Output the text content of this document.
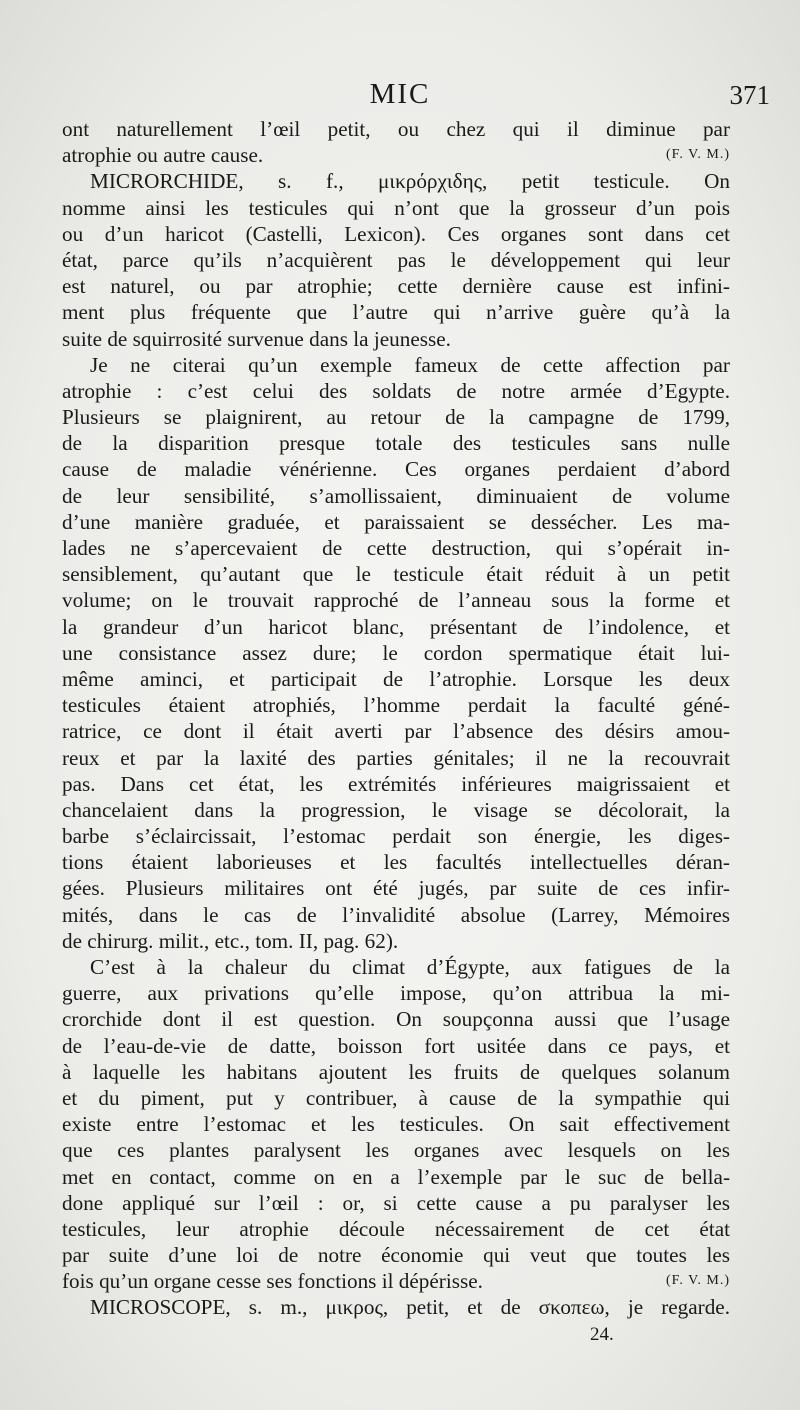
MIC	371
ont naturellement l’œil petit, ou chez qui il diminue par
atrophie ou autre cause.	(F. V. M.)
MICRORCHIDE, s. f., μικρόρχιδης, petit testicule. On
nomme ainsi les testicules qui n’ont que la grosseur d’un pois
ou d’un haricot (Castelli, Lexicon). Ces organes sont dans cet
état, parce qu’ils n’acquièrent pas le développement qui leur
est naturel, ou par atrophie; cette dernière cause est infini-
ment plus fréquente que l’autre qui n’arrive guère qu’à la
suite de squirrosité survenue dans la jeunesse.
Je ne citerai qu’un exemple fameux de cette affection par
atrophie : c’est celui des soldats de notre armée d’Egypte.
Plusieurs se plaignirent, au retour de la campagne de 1799,
de la disparition presque totale des testicules sans nulle
cause de maladie vénérienne. Ces organes perdaient d’abord
de leur sensibilité, s’amollissaient, diminuaient de volume
d’une manière graduée, et paraissaient se dessécher. Les ma-
lades ne s’apercevaient de cette destruction, qui s’opérait in-
sensiblement, qu’autant que le testicule était réduit à un petit
volume; on le trouvait rapproché de l’anneau sous la forme et
la grandeur d’un haricot blanc, présentant de l’indolence, et
une consistance assez dure; le cordon spermatique était lui-
même aminci, et participait de l’atrophie. Lorsque les deux
testicules étaient atrophiés, l’homme perdait la faculté géné-
ratrice, ce dont il était averti par l’absence des désirs amou-
reux et par la laxité des parties génitales; il ne la recouvrait
pas. Dans cet état, les extrémités inférieures maigrissaient et
chancelaient dans la progression, le visage se décolorait, la
barbe s’éclaircissait, l’estomac perdait son énergie, les diges-
tions étaient laborieuses et les facultés intellectuelles déran-
gées. Plusieurs militaires ont été jugés, par suite de ces infir-
mités, dans le cas de l’invalidité absolue (Larrey, Mémoires
de chirurg. milit., etc., tom. II, pag. 62).
C’est à la chaleur du climat d’Égypte, aux fatigues de la
guerre, aux privations qu’elle impose, qu’on attribua la mi-
crorchide dont il est question. On soupçonna aussi que l’usage
de l’eau-de-vie de datte, boisson fort usitée dans ce pays, et
à laquelle les habitans ajoutent les fruits de quelques solanum
et du piment, put y contribuer, à cause de la sympathie qui
existe entre l’estomac et les testicules. On sait effectivement
que ces plantes paralysent les organes avec lesquels on les
met en contact, comme on en a l’exemple par le suc de bella-
done appliqué sur l’œil : or, si cette cause a pu paralyser les
testicules, leur atrophie découle nécessairement de cet état
par suite d’une loi de notre économie qui veut que toutes les
fois qu’un organe cesse ses fonctions il dépérisse.	(F. V. M.)
MICROSCOPE, s. m., μικρος, petit, et de σκοπεω, je regarde.
24.
